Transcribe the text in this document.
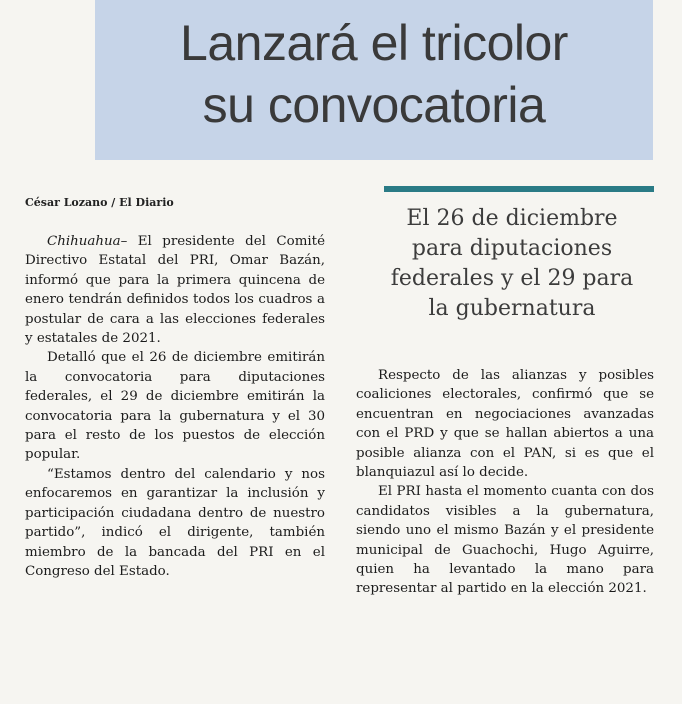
Lanzará el tricolor
su convocatoria
César Lozano / El Diario

Chihuahua– El presidente del Comité Directivo Estatal del PRI, Omar Bazán, informó que para la primera quincena de enero tendrán definidos todos los cuadros a postular de cara a las elecciones federales y estatales de 2021.

Detalló que el 26 de diciembre emitirán la convocatoria para diputaciones federales, el 29 de diciembre emitirán la convocatoria para la gubernatura y el 30 para el resto de los puestos de elección popular.

“Estamos dentro del calendario y nos enfocaremos en garantizar la inclusión y participación ciudadana dentro de nuestro partido”, indicó el dirigente, también miembro de la bancada del PRI en el Congreso del Estado.

El 26 de diciembre
para diputaciones
federales y el 29 para
la gubernatura

Respecto de las alianzas y posibles coaliciones electorales, confirmó que se encuentran en negociaciones avanzadas con el PRD y que se hallan abiertos a una posible alianza con el PAN, si es que el blanquiazul así lo decide.

El PRI hasta el momento cuanta con dos candidatos visibles a la gubernatura, siendo uno el mismo Bazán y el presidente municipal de Guachochi, Hugo Aguirre, quien ha levantado la mano para representar al partido en la elección 2021.
